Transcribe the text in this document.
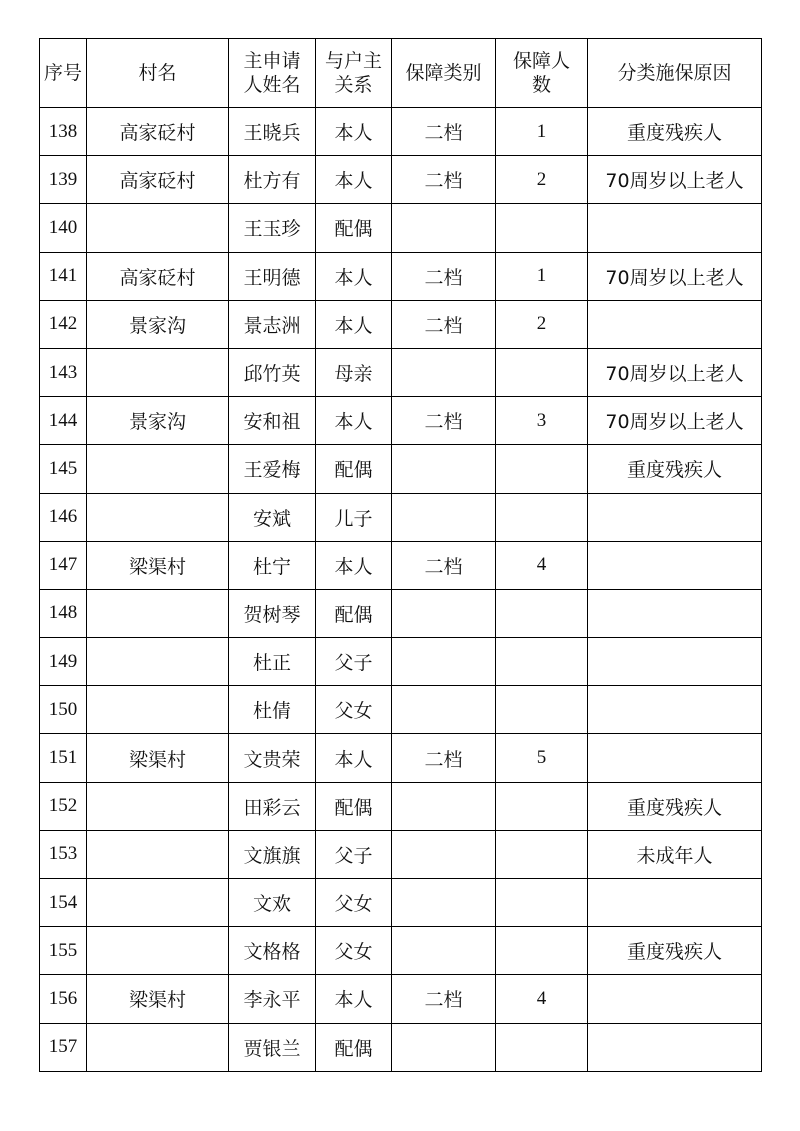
序号	村名	主申请人姓名	与户主关系	保障类别	保障人数	分类施保原因
138	高家砭村	王晓兵	本人	二档	1	重度残疾人
139	高家砭村	杜方有	本人	二档	2	70周岁以上老人
140		王玉珍	配偶			
141	高家砭村	王明德	本人	二档	1	70周岁以上老人
142	景家沟	景志洲	本人	二档	2	
143		邱竹英	母亲			70周岁以上老人
144	景家沟	安和祖	本人	二档	3	70周岁以上老人
145		王爱梅	配偶			重度残疾人
146		安斌	儿子			
147	梁渠村	杜宁	本人	二档	4	
148		贺树琴	配偶			
149		杜正	父子			
150		杜倩	父女			
151	梁渠村	文贵荣	本人	二档	5	
152		田彩云	配偶			重度残疾人
153		文旗旗	父子			未成年人
154		文欢	父女			
155		文格格	父女			重度残疾人
156	梁渠村	李永平	本人	二档	4	
157		贾银兰	配偶			
